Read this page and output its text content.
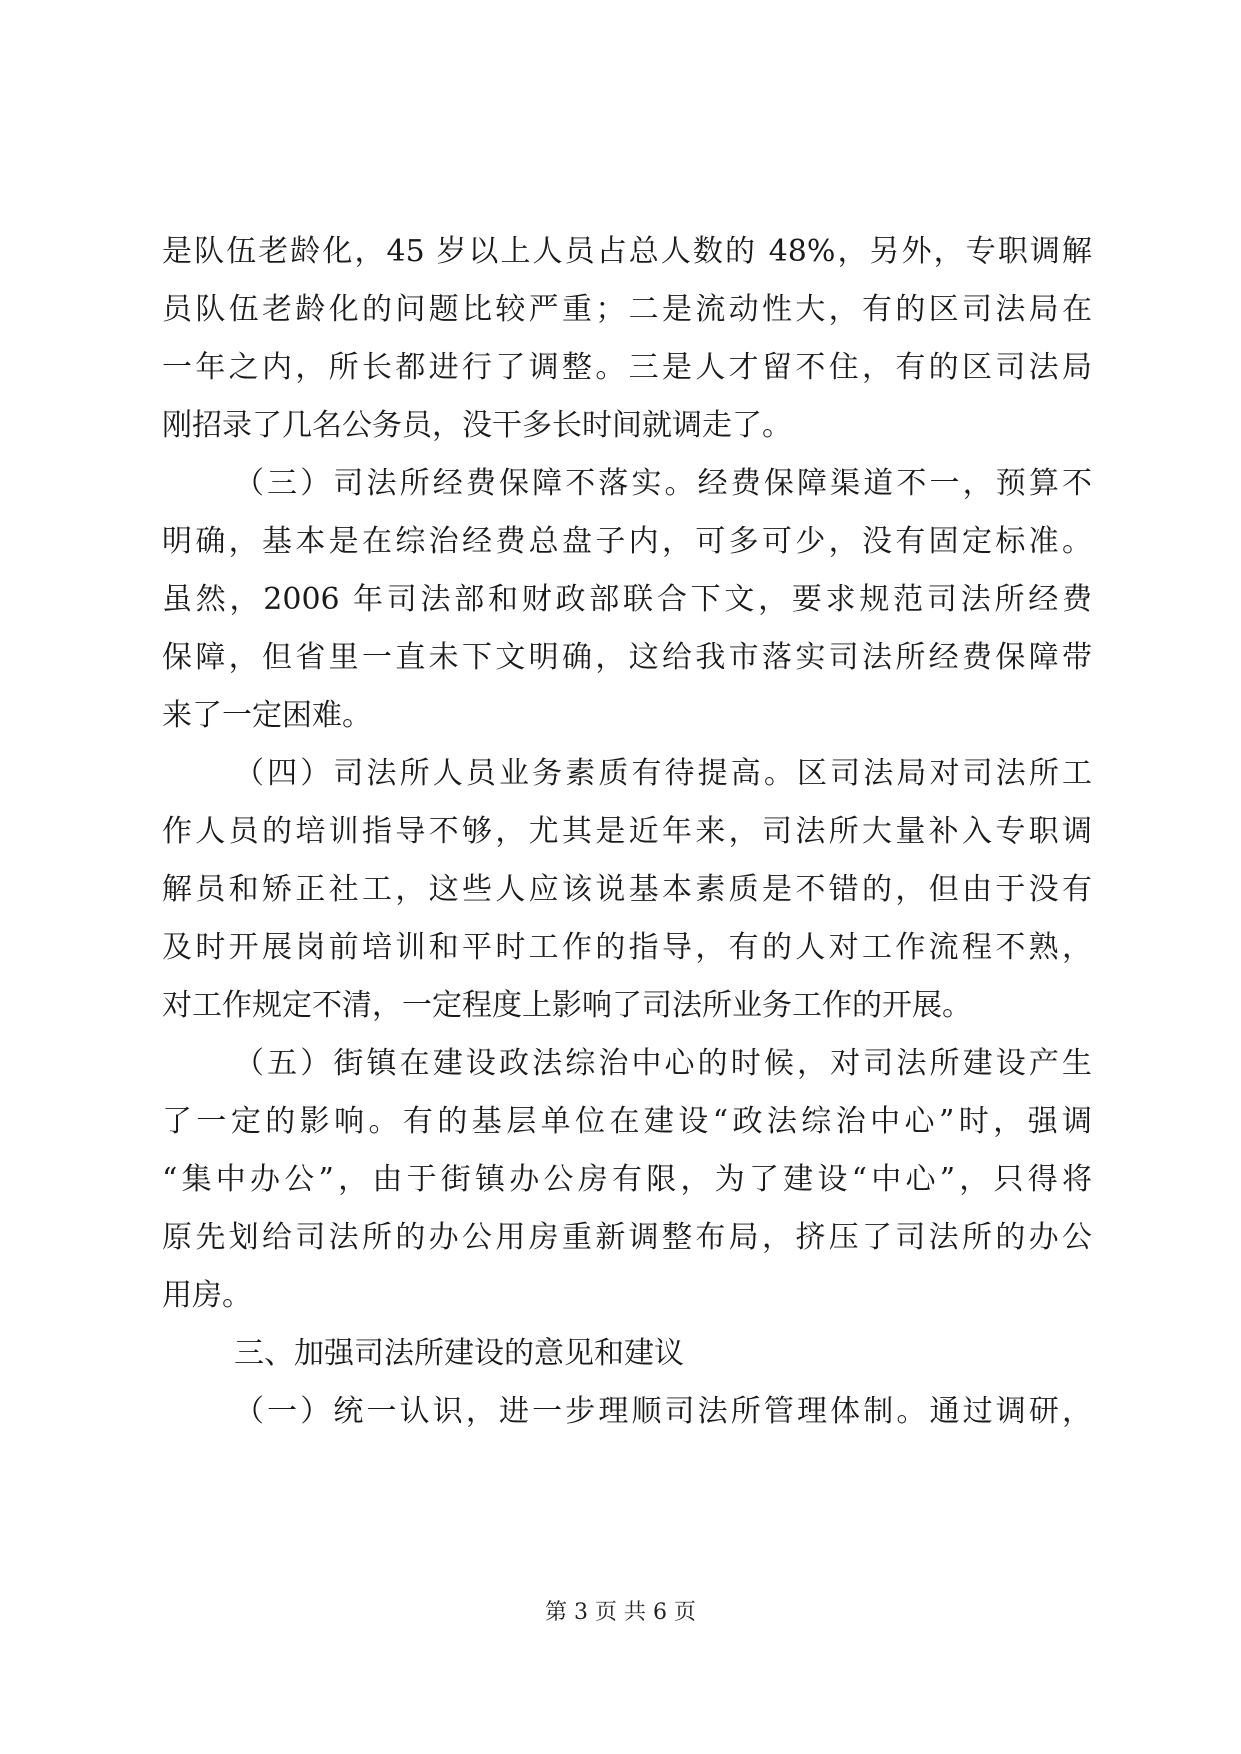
是队伍老龄化，45 岁以上人员占总人数的 48%，另外，专职调解
员队伍老龄化的问题比较严重；二是流动性大，有的区司法局在
一年之内，所长都进行了调整。三是人才留不住，有的区司法局
刚招录了几名公务员，没干多长时间就调走了。
（三）司法所经费保障不落实。经费保障渠道不一，预算不
明确，基本是在综治经费总盘子内，可多可少，没有固定标准。
虽然，2006 年司法部和财政部联合下文，要求规范司法所经费
保障，但省里一直未下文明确，这给我市落实司法所经费保障带
来了一定困难。
（四）司法所人员业务素质有待提高。区司法局对司法所工
作人员的培训指导不够，尤其是近年来，司法所大量补入专职调
解员和矫正社工，这些人应该说基本素质是不错的，但由于没有
及时开展岗前培训和平时工作的指导，有的人对工作流程不熟，
对工作规定不清，一定程度上影响了司法所业务工作的开展。
（五）街镇在建设政法综治中心的时候，对司法所建设产生
了一定的影响。有的基层单位在建设“政法综治中心”时，强调
“集中办公”，由于街镇办公房有限，为了建设“中心”，只得将
原先划给司法所的办公用房重新调整布局，挤压了司法所的办公
用房。
三、加强司法所建设的意见和建议
（一）统一认识，进一步理顺司法所管理体制。通过调研，
第 3 页 共 6 页
